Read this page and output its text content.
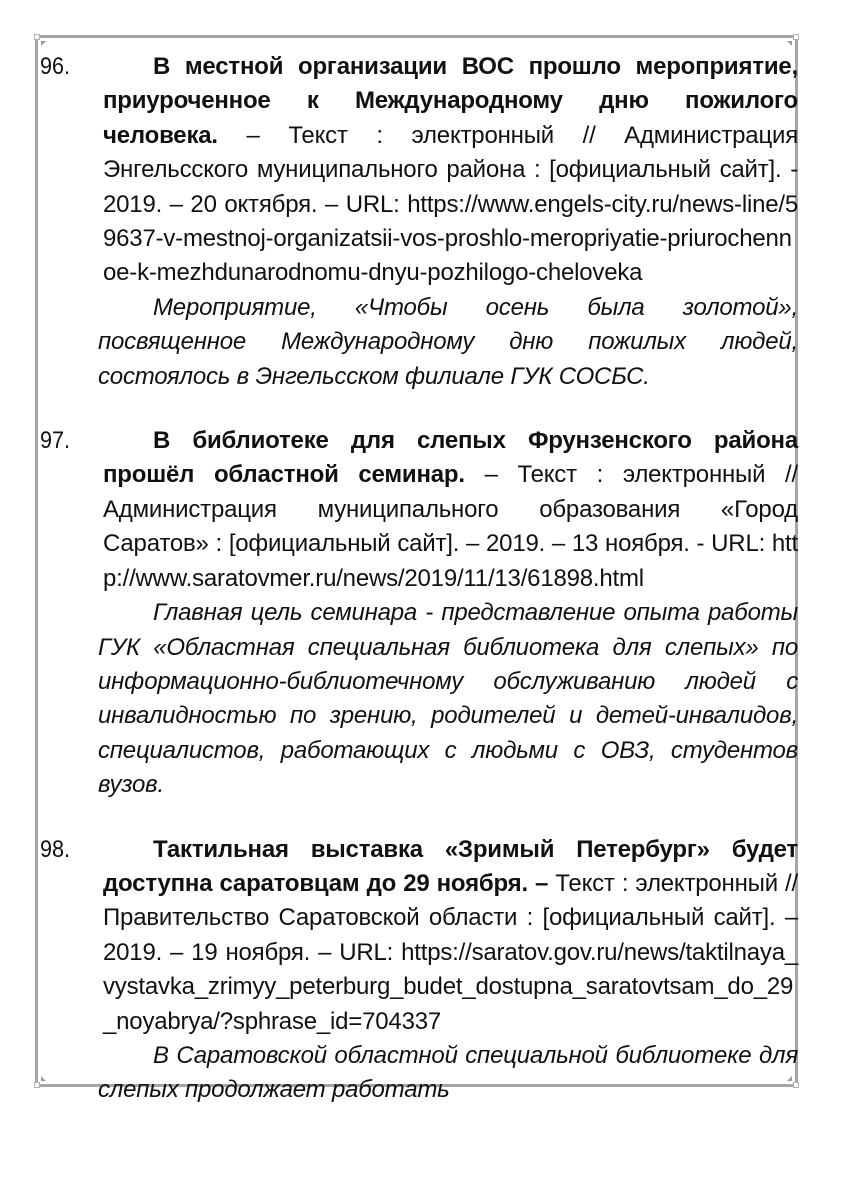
96.	В местной организации ВОС прошло мероприятие, приуроченное к Международному дню пожилого человека. – Текст : электронный // Администрация Энгельсского муниципального района : [официальный сайт]. - 2019. – 20 октября. – URL: https://www.engels-city.ru/news-line/59637-v-mestnoj-organizatsii-vos-proshlo-meropriyatie-priurochennoe-k-mezhdunarodnomu-dnyu-pozhilogo-cheloveka
Мероприятие, «Чтобы осень была золотой», посвященное Международному дню пожилых людей, состоялось в Энгельсском филиале ГУК СОСБС.
97.	В библиотеке для слепых Фрунзенского района прошёл областной семинар. – Текст : электронный // Администрация муниципального образования «Город Саратов» : [официальный сайт]. – 2019. – 13 ноября. - URL: http://www.saratovmer.ru/news/2019/11/13/61898.html
Главная цель семинара - представление опыта работы ГУК «Областная специальная библиотека для слепых» по информационно-библиотечному обслуживанию людей с инвалидностью по зрению, родителей и детей-инвалидов, специалистов, работающих с людьми с ОВЗ, студентов вузов.
98.	Тактильная выставка «Зримый Петербург» будет доступна саратовцам до 29 ноября. – Текст : электронный // Правительство Саратовской области : [официальный сайт]. – 2019. – 19 ноября. – URL: https://saratov.gov.ru/news/taktilnaya_vystavka_zrimyy_peterburg_budet_dostupna_saratovtsam_do_29_noyabrya/?sphrase_id=704337
В Саратовской областной специальной библиотеке для слепых продолжает работать
